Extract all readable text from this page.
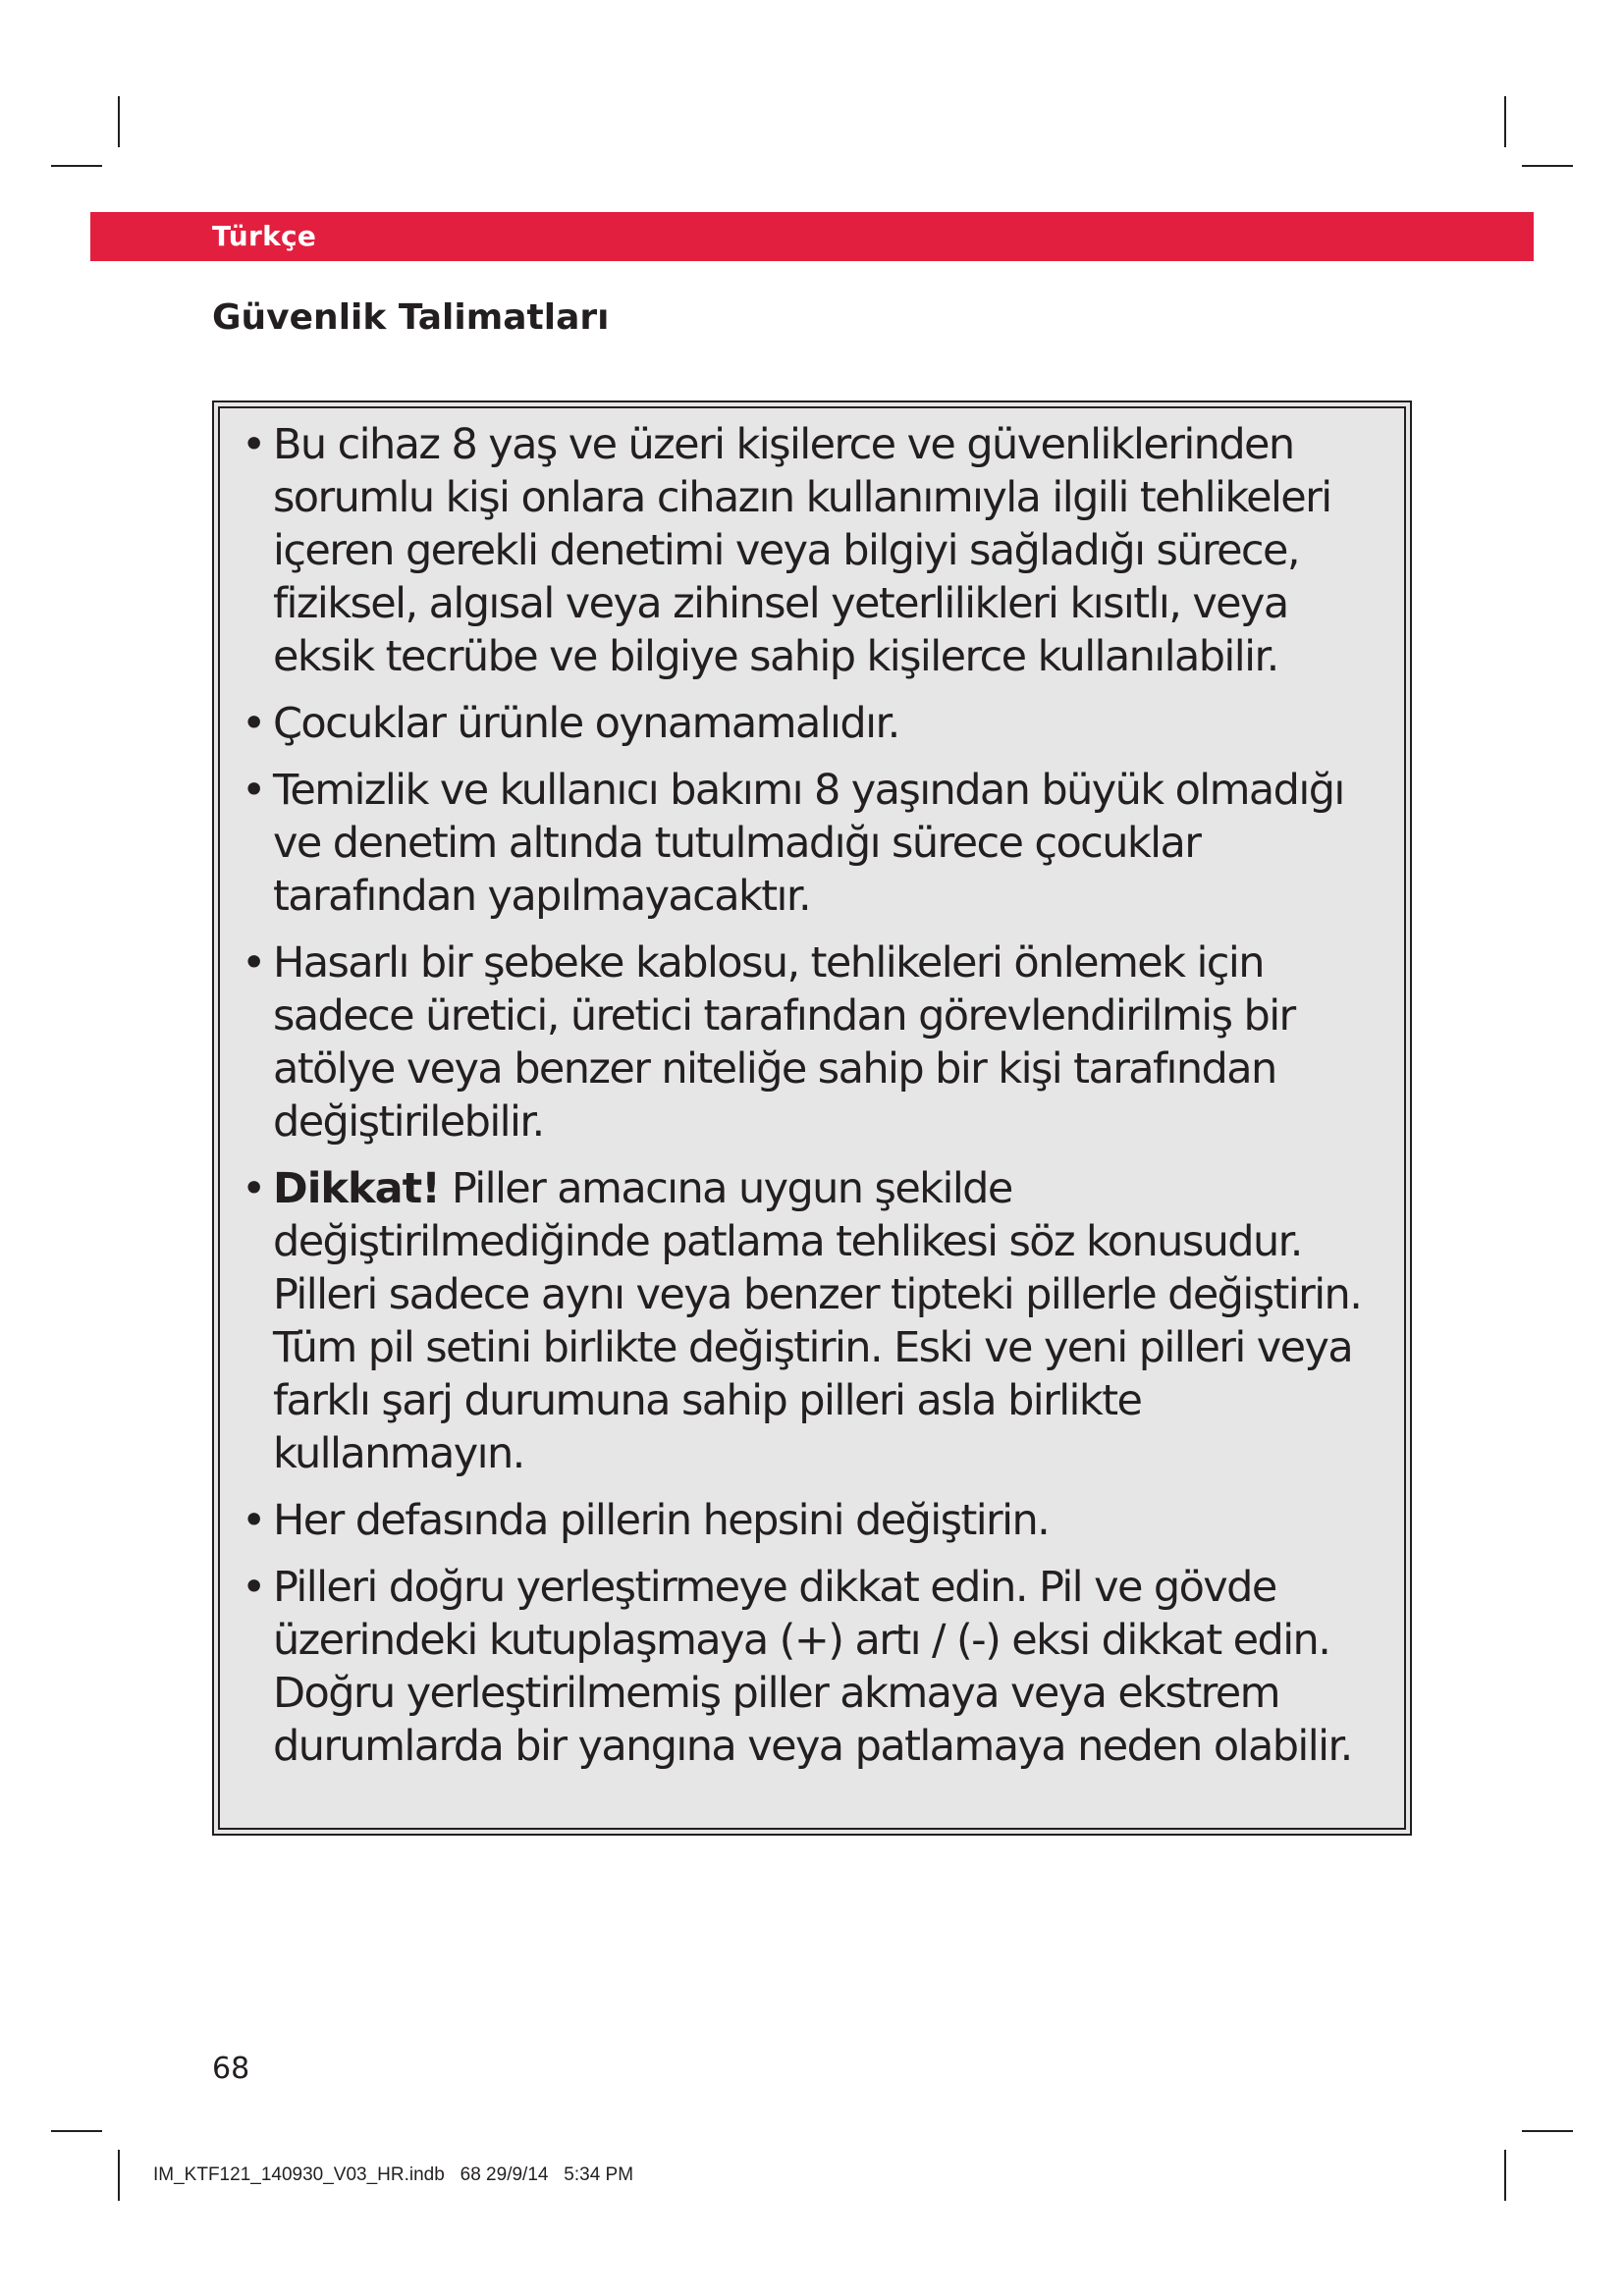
Türkçe
Güvenlik Talimatları
• Bu cihaz 8 yaş ve üzeri kişilerce ve güvenliklerinden sorumlu kişi onlara cihazın kullanımıyla ilgili tehlikeleri içeren gerekli denetimi veya bilgiyi sağladığı sürece, fiziksel, algısal veya zihinsel yeterlilikleri kısıtlı, veya eksik tecrübe ve bilgiye sahip kişilerce kullanılabilir.
• Çocuklar ürünle oynamamalıdır.
• Temizlik ve kullanıcı bakımı 8 yaşından büyük olmadığı ve denetim altında tutulmadığı sürece çocuklar tarafından yapılmayacaktır.
• Hasarlı bir şebeke kablosu, tehlikeleri önlemek için sadece üretici, üretici tarafından görevlendirilmiş bir atölye veya benzer niteliğe sahip bir kişi tarafından değiştirilebilir.
• Dikkat! Piller amacına uygun şekilde değiştirilmediğinde patlama tehlikesi söz konusudur. Pilleri sadece aynı veya benzer tipteki pillerle değiştirin. Tüm pil setini birlikte değiştirin. Eski ve yeni pilleri veya farklı şarj durumuna sahip pilleri asla birlikte kullanmayın.
• Her defasında pillerin hepsini değiştirin.
• Pilleri doğru yerleştirmeye dikkat edin. Pil ve gövde üzerindeki kutuplaşmaya (+) artı / (-) eksi dikkat edin. Doğru yerleştirilmemiş piller akmaya veya ekstrem durumlarda bir yangına veya patlamaya neden olabilir.
68
IM_KTF121_140930_V03_HR.indb   68 29/9/14   5:34 PM
